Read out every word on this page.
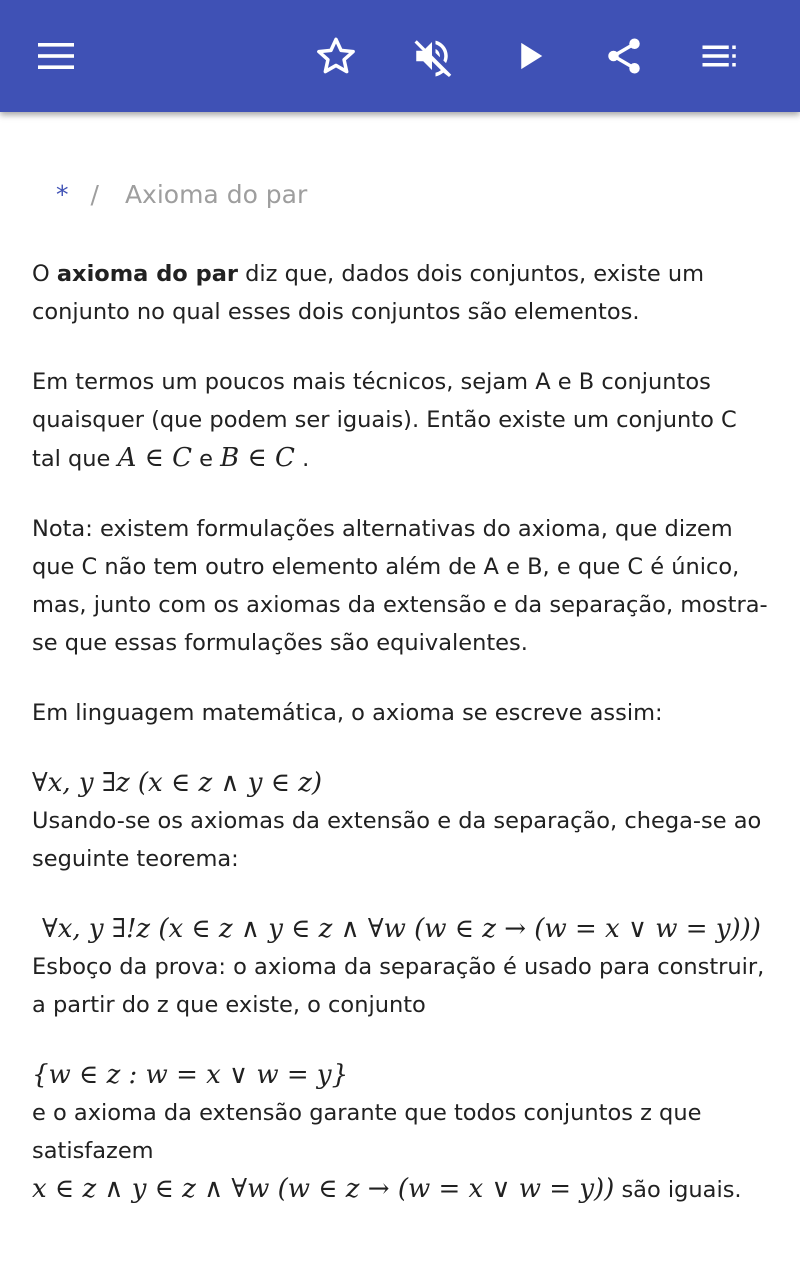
* / Axioma do par

O axioma do par diz que, dados dois conjuntos, existe um conjunto no qual esses dois conjuntos são elementos.

Em termos um poucos mais técnicos, sejam A e B conjuntos quaisquer (que podem ser iguais). Então existe um conjunto C tal que A ∈ C e B ∈ C .

Nota: existem formulações alternativas do axioma, que dizem que C não tem outro elemento além de A e B, e que C é único, mas, junto com os axiomas da extensão e da separação, mostra-se que essas formulações são equivalentes.

Em linguagem matemática, o axioma se escreve assim:

∀x, y ∃z (x ∈ z ∧ y ∈ z)

Usando-se os axiomas da extensão e da separação, chega-se ao seguinte teorema:

∀x, y ∃!z (x ∈ z ∧ y ∈ z ∧ ∀w (w ∈ z → (w = x ∨ w = y)))

Esboço da prova: o axioma da separação é usado para construir, a partir do z que existe, o conjunto

{w ∈ z : w = x ∨ w = y}

e o axioma da extensão garante que todos conjuntos z que satisfazem

x ∈ z ∧ y ∈ z ∧ ∀w (w ∈ z → (w = x ∨ w = y)) são iguais.
